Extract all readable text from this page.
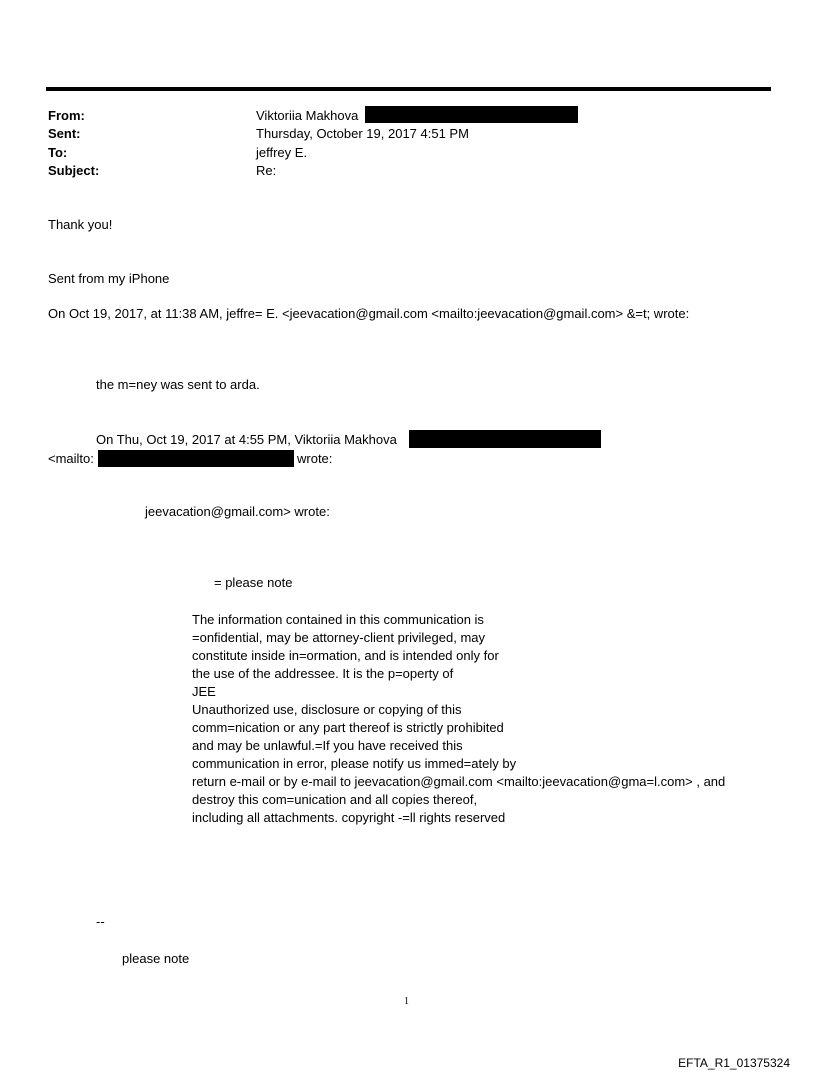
From:	Viktoriia Makhova
Sent:	Thursday, October 19, 2017 4:51 PM
To:	jeffrey E.
Subject:	Re:
Thank you!
Sent from my iPhone
On Oct 19, 2017, at 11:38 AM, jeffre= E. <jeevacation@gmail.com <mailto:jeevacation@gmail.com> &=t; wrote:
the m=ney was sent to arda.
On Thu, Oct 19, 2017 at 4:55 PM, Viktoriia Makhova
<mailto:	wrote:
jeevacation@gmail.com> wrote:
= please note
The information contained in this communication is
=onfidential, may be attorney-client privileged, may
constitute inside in=ormation, and is intended only for
the use of the addressee. It is the p=operty of
JEE
Unauthorized use, disclosure or copying of this
comm=nication or any part thereof is strictly prohibited
and may be unlawful.=If you have received this
communication in error, please notify us immed=ately by
return e-mail or by e-mail to jeevacation@gmail.com <mailto:jeevacation@gma=l.com> , and
destroy this com=unication and all copies thereof,
including all attachments. copyright -=ll rights reserved
--
please note
1
EFTA_R1_01375324
